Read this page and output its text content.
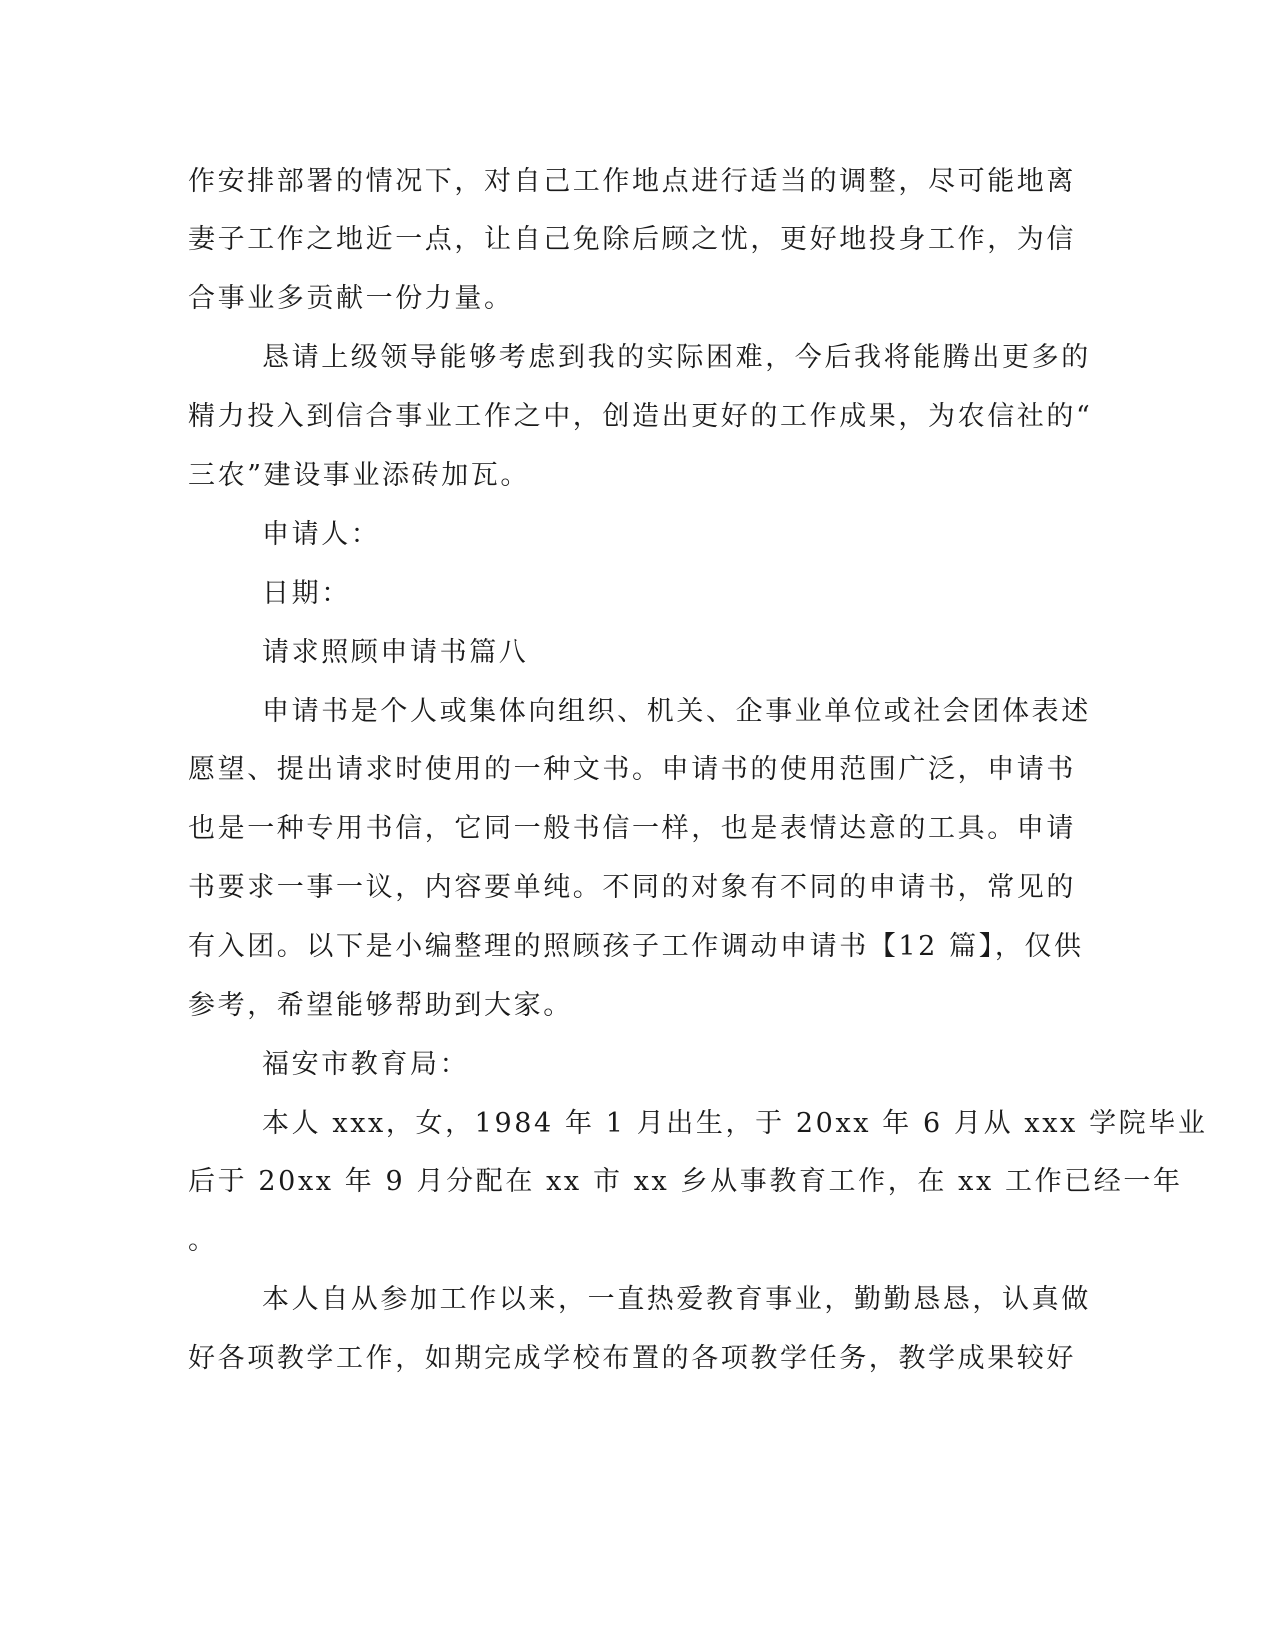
作安排部署的情况下，对自己工作地点进行适当的调整，尽可能地离
妻子工作之地近一点，让自己免除后顾之忧，更好地投身工作，为信
合事业多贡献一份力量。
恳请上级领导能够考虑到我的实际困难，今后我将能腾出更多的
精力投入到信合事业工作之中，创造出更好的工作成果，为农信社的“
三农”建设事业添砖加瓦。
申请人：
日期：
请求照顾申请书篇八
申请书是个人或集体向组织、机关、企事业单位或社会团体表述
愿望、提出请求时使用的一种文书。申请书的使用范围广泛，申请书
也是一种专用书信，它同一般书信一样，也是表情达意的工具。申请
书要求一事一议，内容要单纯。不同的对象有不同的申请书，常见的
有入团。以下是小编整理的照顾孩子工作调动申请书【12 篇】，仅供
参考，希望能够帮助到大家。
福安市教育局：
本人 xxx，女，1984 年 1 月出生，于 20xx 年 6 月从 xxx 学院毕业
后于 20xx 年 9 月分配在 xx 市 xx 乡从事教育工作，在 xx 工作已经一年
。
本人自从参加工作以来，一直热爱教育事业，勤勤恳恳，认真做
好各项教学工作，如期完成学校布置的各项教学任务，教学成果较好
